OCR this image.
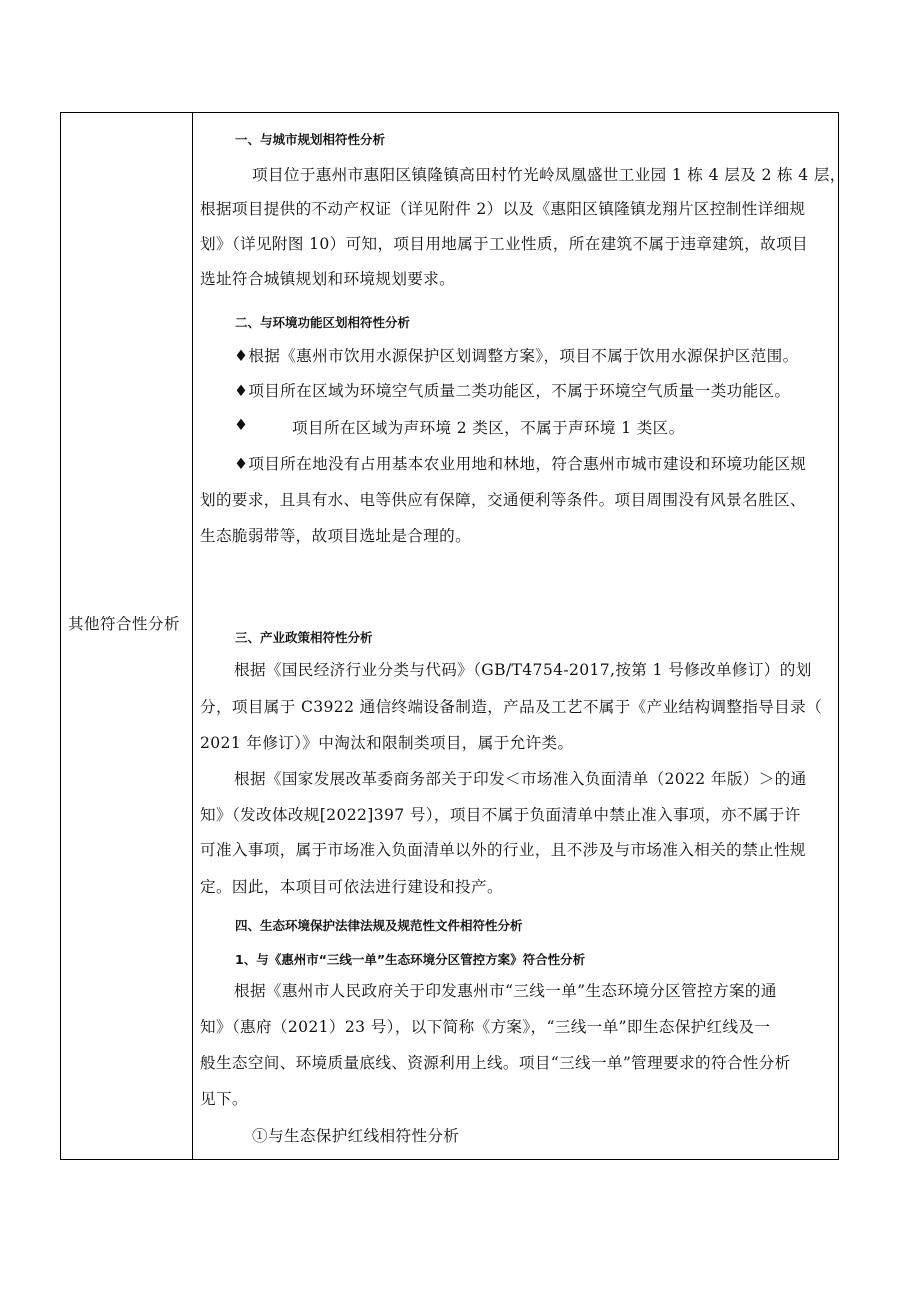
其他符合性分析
一、与城市规划相符性分析
项目位于惠州市惠阳区镇隆镇高田村竹光岭凤凰盛世工业园 1 栋 4 层及 2 栋 4 层，
根据项目提供的不动产权证（详见附件 2）以及《惠阳区镇隆镇龙翔片区控制性详细规
划》（详见附图 10）可知，项目用地属于工业性质，所在建筑不属于违章建筑，故项目
选址符合城镇规划和环境规划要求。
二、与环境功能区划相符性分析
♦根据《惠州市饮用水源保护区划调整方案》，项目不属于饮用水源保护区范围。
♦项目所在区域为环境空气质量二类功能区，不属于环境空气质量一类功能区。
♦	项目所在区域为声环境 2 类区，不属于声环境 1 类区。
♦项目所在地没有占用基本农业用地和林地，符合惠州市城市建设和环境功能区规
划的要求，且具有水、电等供应有保障，交通便利等条件。项目周围没有风景名胜区、
生态脆弱带等，故项目选址是合理的。
三、产业政策相符性分析
根据《国民经济行业分类与代码》（GB/T4754-2017,按第 1 号修改单修订）的划
分，项目属于 C3922 通信终端设备制造，产品及工艺不属于《产业结构调整指导目录（
2021 年修订）》中淘汰和限制类项目，属于允许类。
根据《国家发展改革委商务部关于印发＜市场准入负面清单（2022 年版）＞的通
知》（发改体改规[2022]397 号），项目不属于负面清单中禁止准入事项，亦不属于许
可准入事项，属于市场准入负面清单以外的行业，且不涉及与市场准入相关的禁止性规
定。因此，本项目可依法进行建设和投产。
四、生态环境保护法律法规及规范性文件相符性分析
1、与《惠州市“三线一单”生态环境分区管控方案》符合性分析
根据《惠州市人民政府关于印发惠州市“三线一单”生态环境分区管控方案的通
知》（惠府（2021）23 号），以下简称《方案》，“三线一单”即生态保护红线及一
般生态空间、环境质量底线、资源利用上线。项目“三线一单”管理要求的符合性分析
见下。
①与生态保护红线相符性分析
